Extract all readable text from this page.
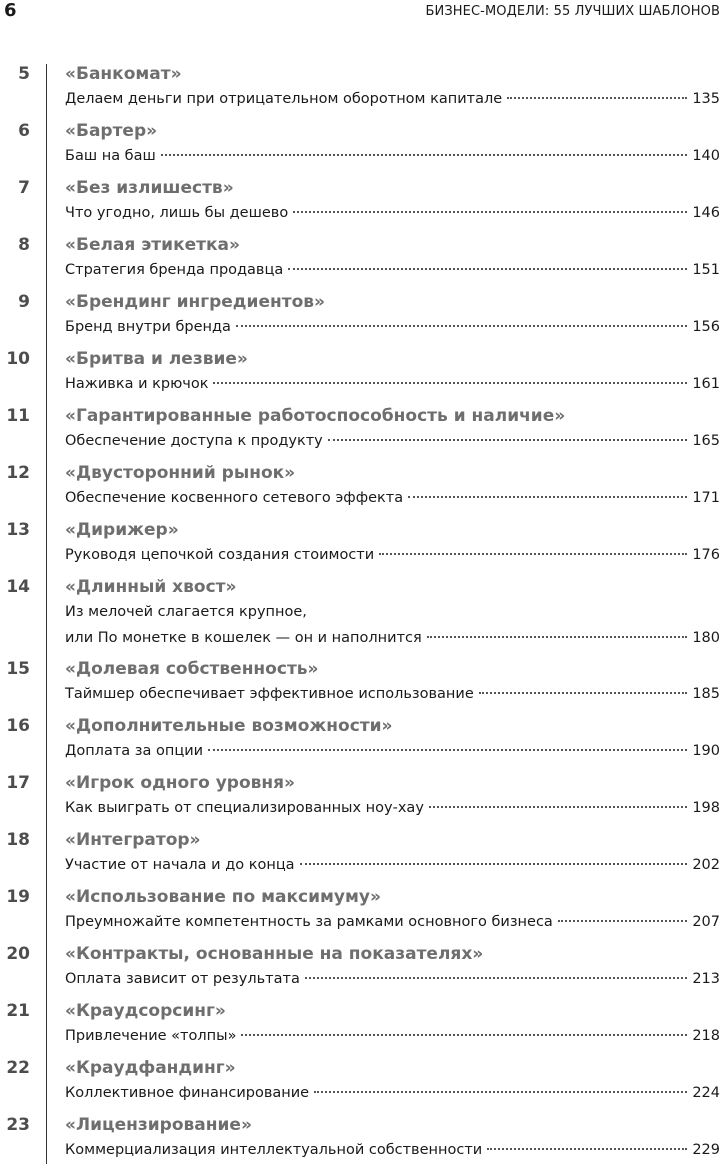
6	БИЗНЕС-МОДЕЛИ: 55 ЛУЧШИХ ШАБЛОНОВ
5 «Банкомат»
Делаем деньги при отрицательном оборотном капитале	135
6 «Бартер»
Баш на баш	140
7 «Без излишеств»
Что угодно, лишь бы дешево	146
8 «Белая этикетка»
Стратегия бренда продавца	151
9 «Брендинг ингредиентов»
Бренд внутри бренда	156
10 «Бритва и лезвие»
Наживка и крючок	161
11 «Гарантированные работоспособность и наличие»
Обеспечение доступа к продукту	165
12 «Двусторонний рынок»
Обеспечение косвенного сетевого эффекта	171
13 «Дирижер»
Руководя цепочкой создания стоимости	176
14 «Длинный хвост»
Из мелочей слагается крупное,
или По монетке в кошелек — он и наполнится	180
15 «Долевая собственность»
Таймшер обеспечивает эффективное использование	185
16 «Дополнительные возможности»
Доплата за опции	190
17 «Игрок одного уровня»
Как выиграть от специализированных ноу-хау	198
18 «Интегратор»
Участие от начала и до конца	202
19 «Использование по максимуму»
Преумножайте компетентность за рамками основного бизнеса	207
20 «Контракты, основанные на показателях»
Оплата зависит от результата	213
21 «Краудсорсинг»
Привлечение «толпы»	218
22 «Краудфандинг»
Коллективное финансирование	224
23 «Лицензирование»
Коммерциализация интеллектуальной собственности	229
